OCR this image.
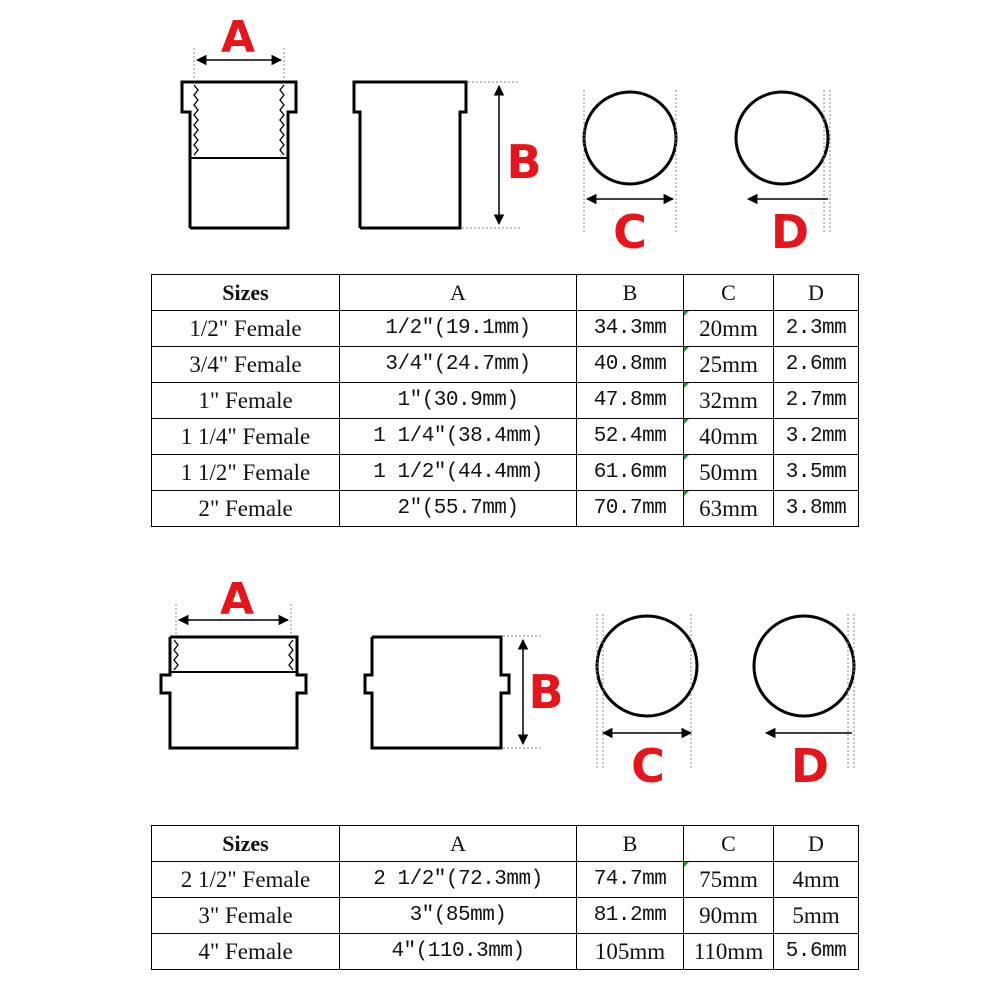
A
B
C	D
Sizes	A	B	C	D
1/2" Female	1/2″(19.1mm)	34.3mm	20mm	2.3mm
3/4" Female	3/4″(24.7mm)	40.8mm	25mm	2.6mm
1" Female	1″(30.9mm)	47.8mm	32mm	2.7mm
1 1/4" Female	1 1/4″(38.4mm)	52.4mm	40mm	3.2mm
1 1/2" Female	1 1/2″(44.4mm)	61.6mm	50mm	3.5mm
2" Female	2″(55.7mm)	70.7mm	63mm	3.8mm
A
B
C	D
Sizes	A	B	C	D
2 1/2" Female	2 1/2″(72.3mm)	74.7mm	75mm	4mm
3" Female	3″(85mm)	81.2mm	90mm	5mm
4" Female	4″(110.3mm)	105mm	110mm	5.6mm
